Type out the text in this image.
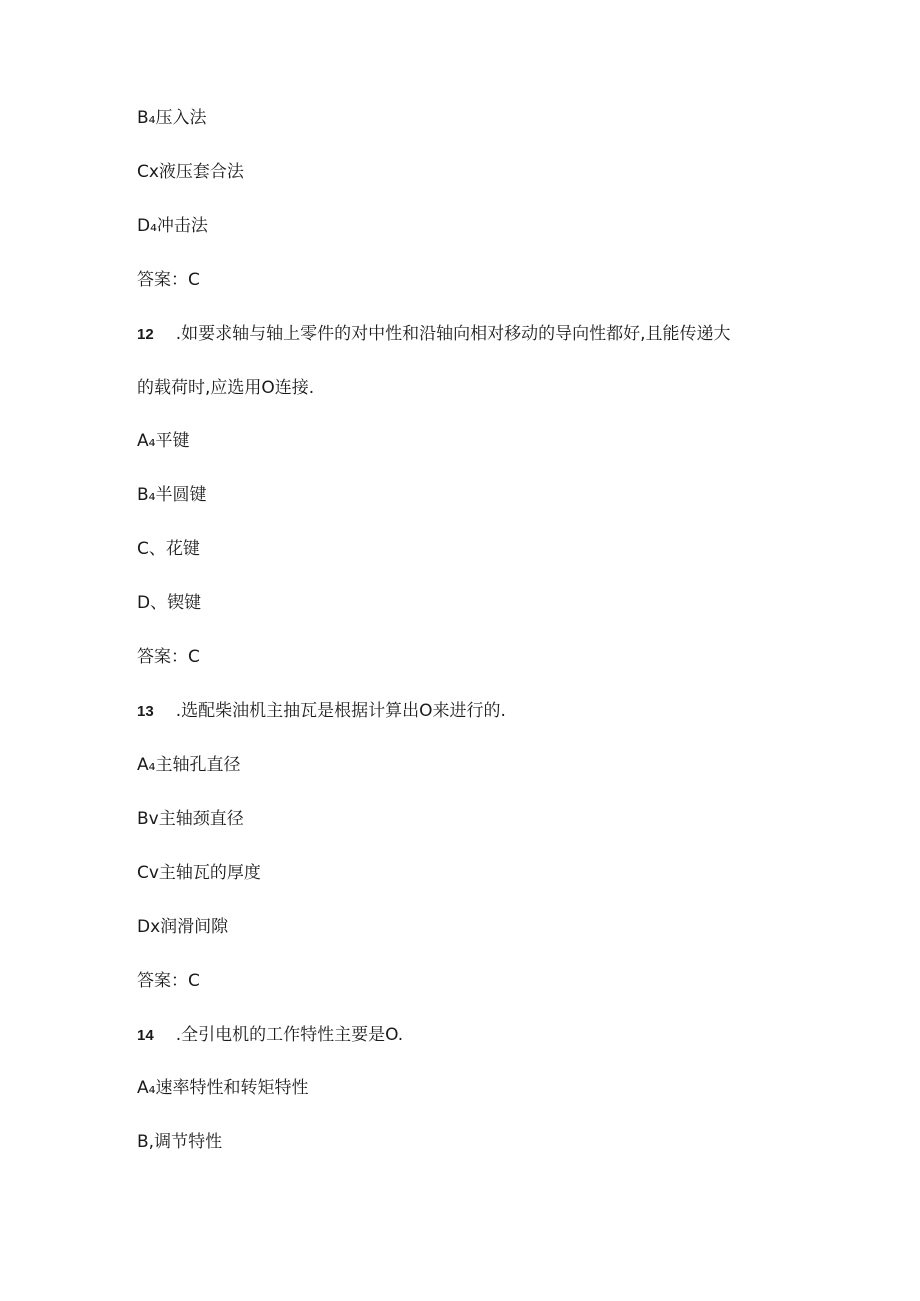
B₄压入法
Cx液压套合法
D₄冲击法
答案：C
12 .如要求轴与轴上零件的对中性和沿轴向相对移动的导向性都好,且能传递大
的载荷时,应选用O连接.
A₄平键
B₄半圆键
C、花键
D、锲键
答案：C
13 .选配柴油机主抽瓦是根据计算出O来进行的.
A₄主轴孔直径
Bv主轴颈直径
Cv主轴瓦的厚度
Dx润滑间隙
答案：C
14 .全引电机的工作特性主要是O.
A₄速率特性和转矩特性
B,调节特性
